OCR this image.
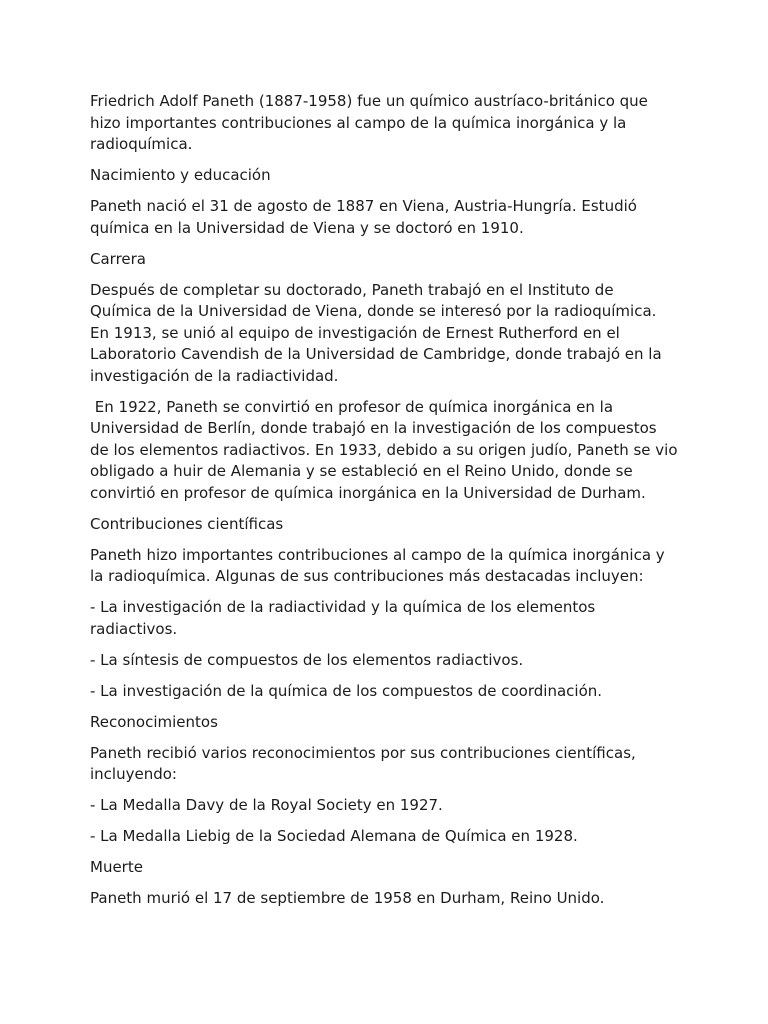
Friedrich Adolf Paneth (1887-1958) fue un químico austríaco-británico que hizo importantes contribuciones al campo de la química inorgánica y la radioquímica.

Nacimiento y educación

Paneth nació el 31 de agosto de 1887 en Viena, Austria-Hungría. Estudió química en la Universidad de Viena y se doctoró en 1910.

Carrera

Después de completar su doctorado, Paneth trabajó en el Instituto de Química de la Universidad de Viena, donde se interesó por la radioquímica. En 1913, se unió al equipo de investigación de Ernest Rutherford en el Laboratorio Cavendish de la Universidad de Cambridge, donde trabajó en la investigación de la radiactividad.

En 1922, Paneth se convirtió en profesor de química inorgánica en la Universidad de Berlín, donde trabajó en la investigación de los compuestos de los elementos radiactivos. En 1933, debido a su origen judío, Paneth se vio obligado a huir de Alemania y se estableció en el Reino Unido, donde se convirtió en profesor de química inorgánica en la Universidad de Durham.

Contribuciones científicas

Paneth hizo importantes contribuciones al campo de la química inorgánica y la radioquímica. Algunas de sus contribuciones más destacadas incluyen:

- La investigación de la radiactividad y la química de los elementos radiactivos.

- La síntesis de compuestos de los elementos radiactivos.

- La investigación de la química de los compuestos de coordinación.

Reconocimientos

Paneth recibió varios reconocimientos por sus contribuciones científicas, incluyendo:

- La Medalla Davy de la Royal Society en 1927.

- La Medalla Liebig de la Sociedad Alemana de Química en 1928.

Muerte

Paneth murió el 17 de septiembre de 1958 en Durham, Reino Unido.
